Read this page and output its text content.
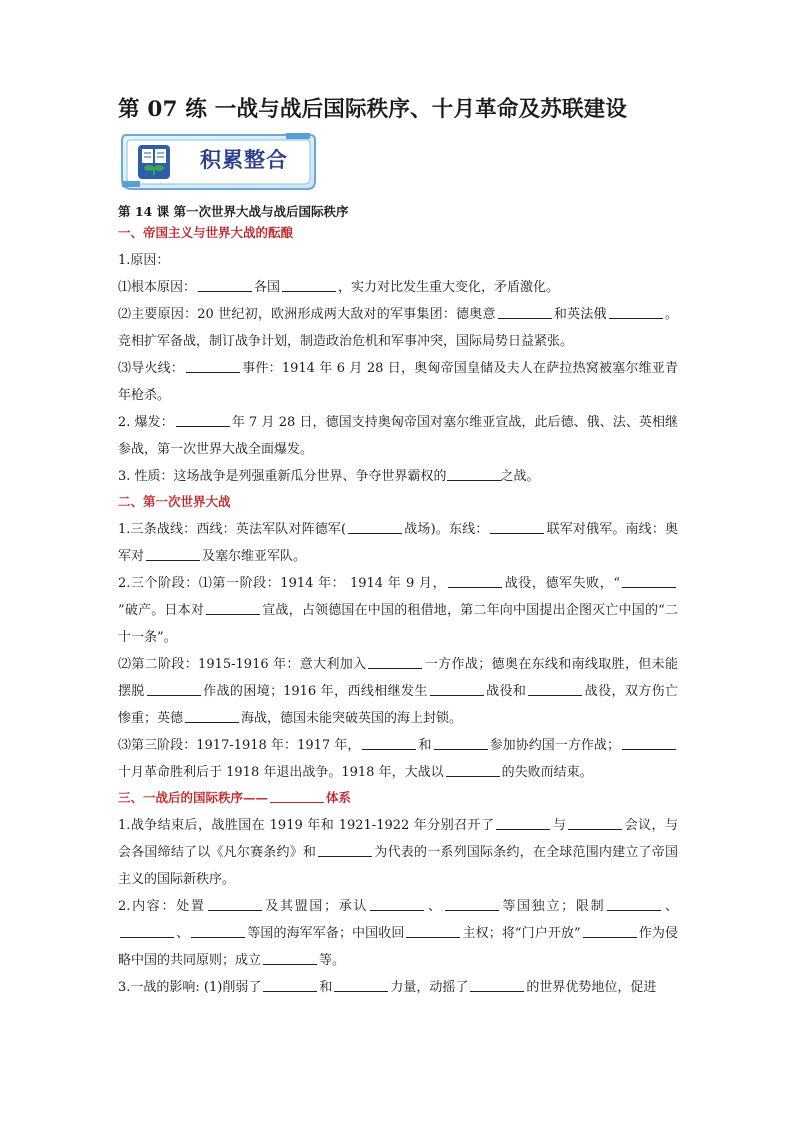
第 07 练 一战与战后国际秩序、十月革命及苏联建设
积累整合
第 14 课 第一次世界大战与战后国际秩序
一、帝国主义与世界大战的酝酿

1.原因：

⑴根本原因：	各国	，实力对比发生重大变化，矛盾激化。

⑵主要原因：20 世纪初，欧洲形成两大敌对的军事集团：德奥意	和英法俄	。竞相扩军备战，制订战争计划，制造政治危机和军事冲突，国际局势日益紧张。

⑶导火线：	事件：1914 年 6 月 28 日，奥匈帝国皇储及夫人在萨拉热窝被塞尔维亚青年枪杀。

2. 爆发：	年 7 月 28 日，德国支持奥匈帝国对塞尔维亚宣战，此后德、俄、法、英相继参战，第一次世界大战全面爆发。

3. 性质：这场战争是列强重新瓜分世界、争夺世界霸权的	之战。

二、第一次世界大战

1.三条战线：西线：英法军队对阵德军(	战场)。东线：	联军对俄军。南线：奥军对	及塞尔维亚军队。

2.三个阶段：⑴第一阶段：1914 年： 1914 年 9 月，	战役，德军失败，“”破产。日本对	宣战，占领德国在中国的租借地，第二年向中国提出企图灭亡中国的“二十一条”。

⑵第二阶段：1915-1916 年：意大利加入	一方作战；德奥在东线和南线取胜，但未能摆脱	作战的困境；1916 年，西线相继发生	战役和	战役，双方伤亡惨重；英德	海战，德国未能突破英国的海上封锁。

⑶第三阶段：1917-1918 年：1917 年，	和	参加协约国一方作战；十月革命胜利后于 1918 年退出战争。1918 年，大战以	的失败而结束。

三、一战后的国际秩序——	体系

1.战争结束后，战胜国在 1919 年和 1921-1922 年分别召开了	与	会议，与会各国缔结了以《凡尔赛条约》和	为代表的一系列国际条约，在全球范围内建立了帝国主义的国际新秩序。

2.内容：处置	及其盟国；承认	、	等国独立；限制	、、	等国的海军军备；中国收回	主权；将“门户开放”	作为侵略中国的共同原则；成立	等。

3.一战的影响: (1)削弱了	和	力量，动摇了	的世界优势地位，促进
